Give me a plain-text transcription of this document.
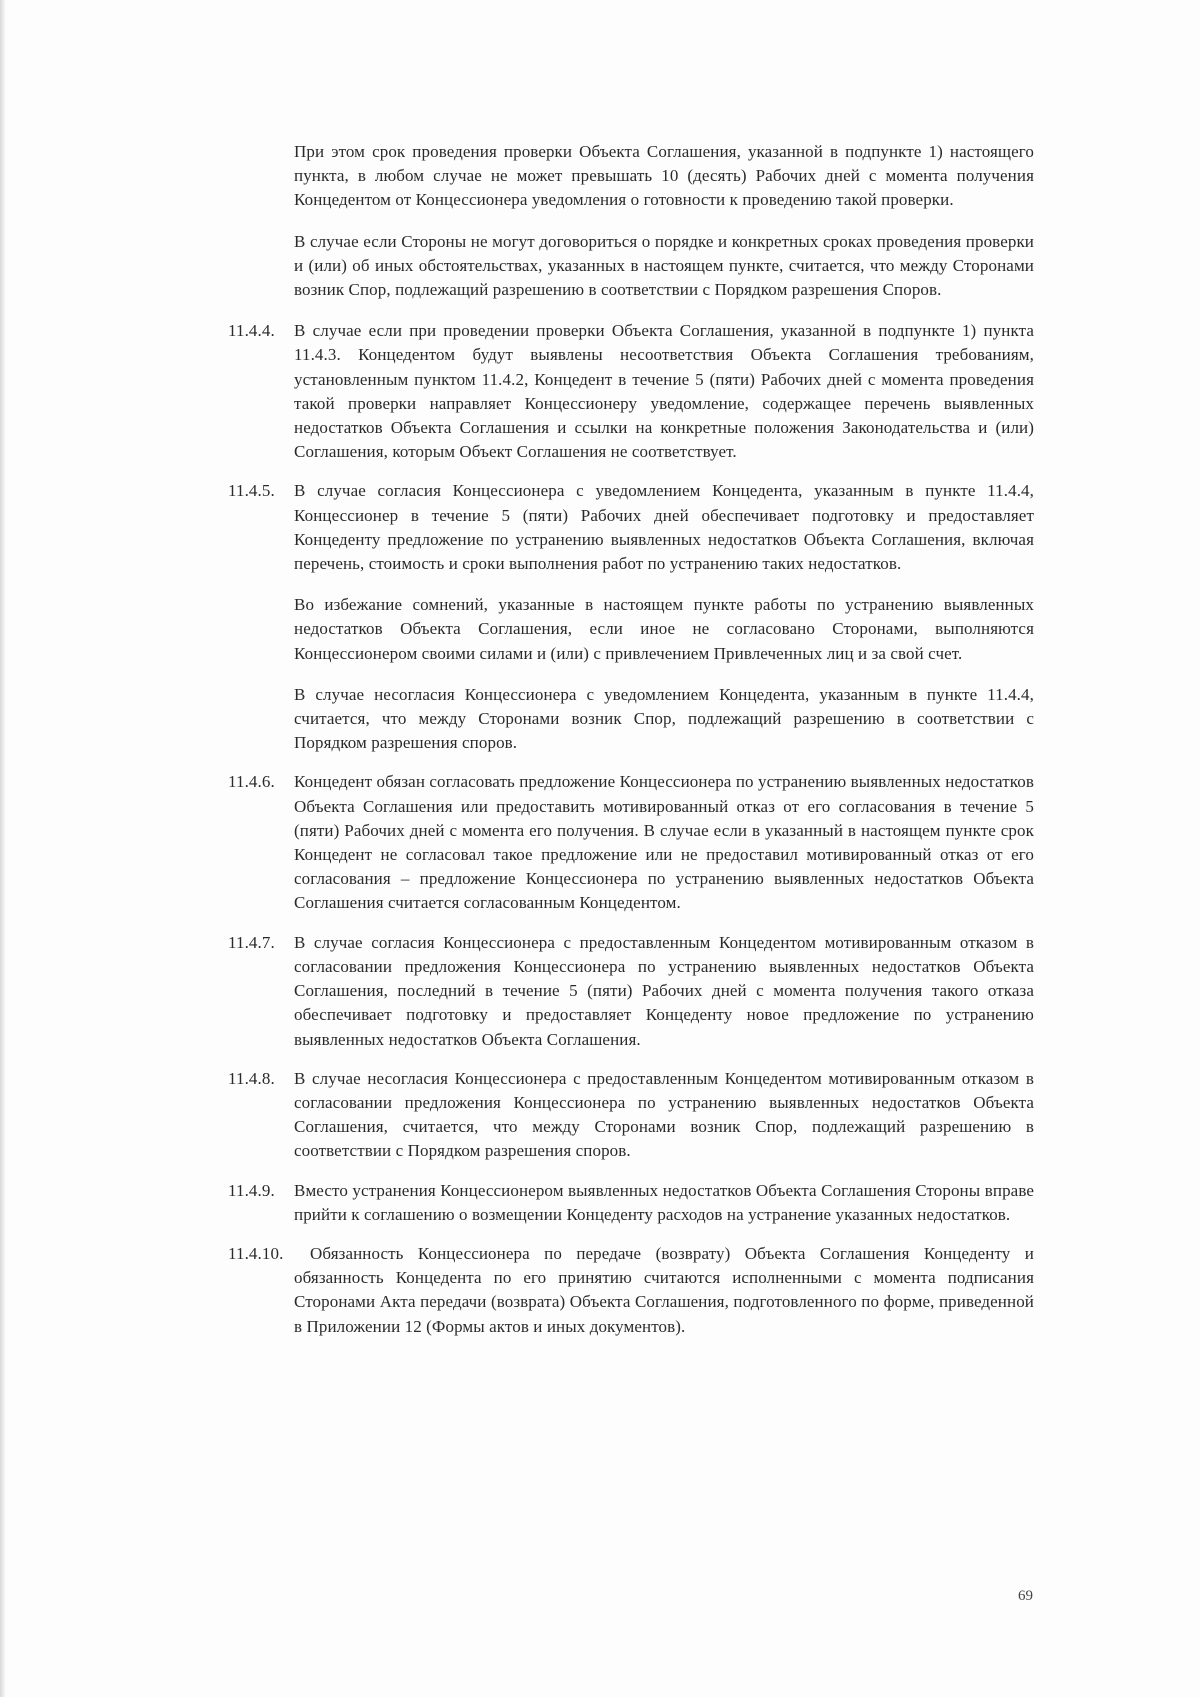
При этом срок проведения проверки Объекта Соглашения, указанной в подпункте 1) настоящего пункта, в любом случае не может превышать 10 (десять) Рабочих дней с момента получения Концедентом от Концессионера уведомления о готовности к проведению такой проверки.

В случае если Стороны не могут договориться о порядке и конкретных сроках проведения проверки и (или) об иных обстоятельствах, указанных в настоящем пункте, считается, что между Сторонами возник Спор, подлежащий разрешению в соответствии с Порядком разрешения Споров.

11.4.4. В случае если при проведении проверки Объекта Соглашения, указанной в подпункте 1) пункта 11.4.3. Концедентом будут выявлены несоответствия Объекта Соглашения требованиям, установленным пунктом 11.4.2, Концедент в течение 5 (пяти) Рабочих дней с момента проведения такой проверки направляет Концессионеру уведомление, содержащее перечень выявленных недостатков Объекта Соглашения и ссылки на конкретные положения Законодательства и (или) Соглашения, которым Объект Соглашения не соответствует.
11.4.5. В случае согласия Концессионера с уведомлением Концедента, указанным в пункте 11.4.4, Концессионер в течение 5 (пяти) Рабочих дней обеспечивает подготовку и предоставляет Концеденту предложение по устранению выявленных недостатков Объекта Соглашения, включая перечень, стоимость и сроки выполнения работ по устранению таких недостатков.

Во избежание сомнений, указанные в настоящем пункте работы по устранению выявленных недостатков Объекта Соглашения, если иное не согласовано Сторонами, выполняются Концессионером своими силами и (или) с привлечением Привлеченных лиц и за свой счет.

В случае несогласия Концессионера с уведомлением Концедента, указанным в пункте 11.4.4, считается, что между Сторонами возник Спор, подлежащий разрешению в соответствии с Порядком разрешения споров.

11.4.6. Концедент обязан согласовать предложение Концессионера по устранению выявленных недостатков Объекта Соглашения или предоставить мотивированный отказ от его согласования в течение 5 (пяти) Рабочих дней с момента его получения. В случае если в указанный в настоящем пункте срок Концедент не согласовал такое предложение или не предоставил мотивированный отказ от его согласования – предложение Концессионера по устранению выявленных недостатков Объекта Соглашения считается согласованным Концедентом.
11.4.7. В случае согласия Концессионера с предоставленным Концедентом мотивированным отказом в согласовании предложения Концессионера по устранению выявленных недостатков Объекта Соглашения, последний в течение 5 (пяти) Рабочих дней с момента получения такого отказа обеспечивает подготовку и предоставляет Концеденту новое предложение по устранению выявленных недостатков Объекта Соглашения.
11.4.8. В случае несогласия Концессионера с предоставленным Концедентом мотивированным отказом в согласовании предложения Концессионера по устранению выявленных недостатков Объекта Соглашения, считается, что между Сторонами возник Спор, подлежащий разрешению в соответствии с Порядком разрешения споров.
11.4.9. Вместо устранения Концессионером выявленных недостатков Объекта Соглашения Стороны вправе прийти к соглашению о возмещении Концеденту расходов на устранение указанных недостатков.
11.4.10. Обязанность Концессионера по передаче (возврату) Объекта Соглашения Концеденту и обязанность Концедента по его принятию считаются исполненными с момента подписания Сторонами Акта передачи (возврата) Объекта Соглашения, подготовленного по форме, приведенной в Приложении 12 (Формы актов и иных документов).
69
